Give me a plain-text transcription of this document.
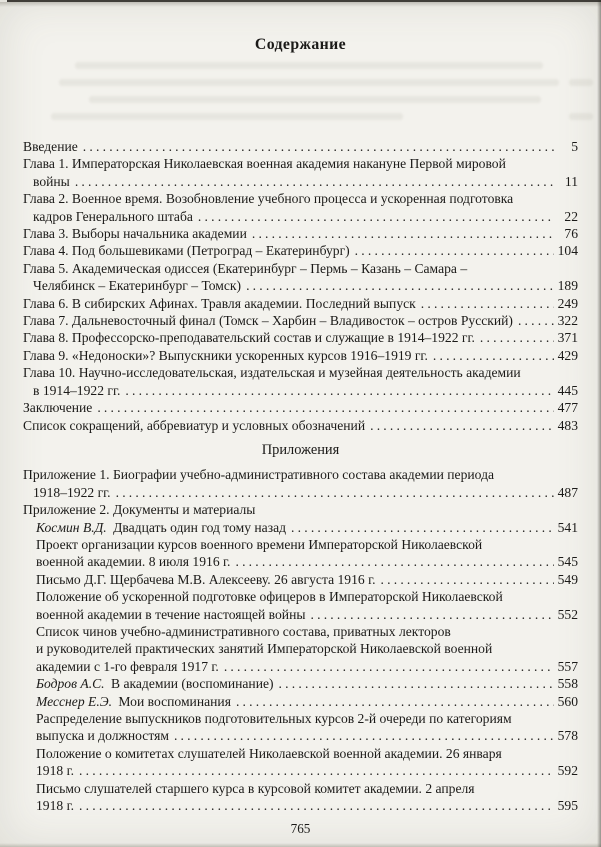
Содержание
Введение .....	5
Глава 1. Императорская Николаевская военная академия накануне Первой мировой
войны .....	11
Глава 2. Военное время. Возобновление учебного процесса и ускоренная подготовка
кадров Генерального штаба .....	22
Глава 3. Выборы начальника академии .....	76
Глава 4. Под большевиками (Петроград – Екатеринбург) .....	104
Глава 5. Академическая одиссея (Екатеринбург – Пермь – Казань – Самара –
Челябинск – Екатеринбург – Томск) .....	189
Глава 6. В сибирских Афинах. Травля академии. Последний выпуск .....	249
Глава 7. Дальневосточный финал (Томск – Харбин – Владивосток – остров Русский) .....	322
Глава 8. Профессорско-преподавательский состав и служащие в 1914–1922 гг. .....	371
Глава 9. «Недоноски»? Выпускники ускоренных курсов 1916–1919 гг. .....	429
Глава 10. Научно-исследовательская, издательская и музейная деятельность академии
в 1914–1922 гг. .....	445
Заключение .....	477
Список сокращений, аббревиатур и условных обозначений .....	483
Приложения
Приложение 1. Биографии учебно-административного состава академии периода
1918–1922 гг. .....	487
Приложение 2. Документы и материалы
Космин В.Д. Двадцать один год тому назад .....	541
Проект организации курсов военного времени Императорской Николаевской
военной академии. 8 июля 1916 г. .....	545
Письмо Д.Г. Щербачева М.В. Алексееву. 26 августа 1916 г. .....	549
Положение об ускоренной подготовке офицеров в Императорской Николаевской
военной академии в течение настоящей войны .....	552
Список чинов учебно-административного состава, приватных лекторов
и руководителей практических занятий Императорской Николаевской военной
академии с 1-го февраля 1917 г. .....	557
Бодров А.С. В академии (воспоминание) .....	558
Месснер Е.Э. Мои воспоминания .....	560
Распределение выпускников подготовительных курсов 2-й очереди по категориям
выпуска и должностям .....	578
Положение о комитетах слушателей Николаевской военной академии. 26 января
1918 г. .....	592
Письмо слушателей старшего курса в курсовой комитет академии. 2 апреля
1918 г. .....	595
765
